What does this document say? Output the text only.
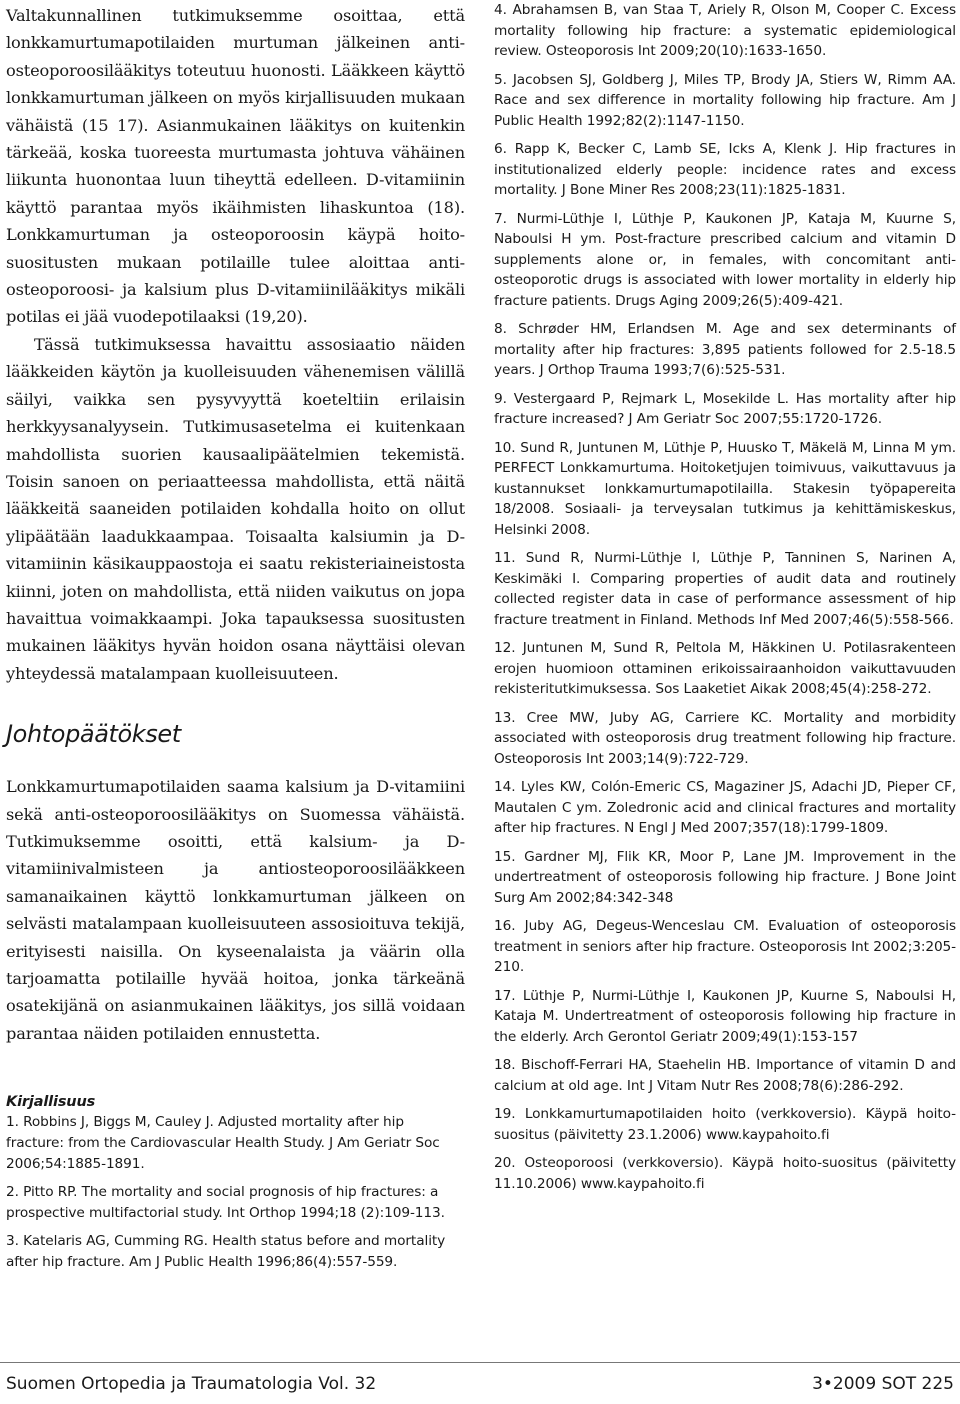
Valtakunnallinen tutkimuksemme osoittaa, että lonkkamurtumapotilaiden murtuman jälkeinen anti-osteoporoosilääkitys toteutuu huonosti. Lääkkeen käyttö lonkkamurtuman jälkeen on myös kirjallisuuden mukaan vähäistä (15 17). Asianmukainen lääkitys on kuitenkin tärkeää, koska tuoreesta murtumasta johtuva vähäinen liikunta huonontaa luun tiheyttä edelleen. D-vitamiinin käyttö parantaa myös ikäihmisten lihaskuntoa (18). Lonkkamurtuman ja osteoporoosin käypä hoito-suositusten mukaan potilaille tulee aloittaa anti-osteoporoosi- ja kalsium plus D-vitamiinilääkitys mikäli potilas ei jää vuodepotilaaksi (19,20).

Tässä tutkimuksessa havaittu assosiaatio näiden lääkkeiden käytön ja kuolleisuuden vähenemisen välillä säilyi, vaikka sen pysyvyyttä koeteltiin erilaisin herkkyysanalyysein. Tutkimusasetelma ei kuitenkaan mahdollista suorien kausaalipäätelmien tekemistä. Toisin sanoen on periaatteessa mahdollista, että näitä lääkkeitä saaneiden potilaiden kohdalla hoito on ollut ylipäätään laadukkaampaa. Toisaalta kalsiumin ja D-vitamiinin käsikauppaostoja ei saatu rekisteriaineistosta kiinni, joten on mahdollista, että niiden vaikutus on jopa havaittua voimakkaampi. Joka tapauksessa suositusten mukainen lääkitys hyvän hoidon osana näyttäisi olevan yhteydessä matalampaan kuolleisuuteen.

Johtopäätökset

Lonkkamurtumapotilaiden saama kalsium ja D-vitamiini sekä anti-osteoporoosilääkitys on Suomessa vähäistä. Tutkimuksemme osoitti, että kalsium- ja D-vitamiinivalmisteen ja antiosteoporoosilääkkeen samanaikainen käyttö lonkkamurtuman jälkeen on selvästi matalampaan kuolleisuuteen assosioituva tekijä, erityisesti naisilla. On kyseenalaista ja väärin olla tarjoamatta potilaille hyvää hoitoa, jonka tärkeänä osatekijänä on asianmukainen lääkitys, jos sillä voidaan parantaa näiden potilaiden ennustetta.

Kirjallisuus
1. Robbins J, Biggs M, Cauley J. Adjusted mortality after hip fracture: from the Cardiovascular Health Study. J Am Geriatr Soc 2006;54:1885-1891.
2. Pitto RP. The mortality and social prognosis of hip fractures: a prospective multifactorial study. Int Orthop 1994;18 (2):109-113.
3. Katelaris AG, Cumming RG. Health status before and mortality after hip fracture. Am J Public Health 1996;86(4):557-559.
4. Abrahamsen B, van Staa T, Ariely R, Olson M, Cooper C. Excess mortality following hip fracture: a systematic epidemiological review. Osteoporosis Int 2009;20(10):1633-1650.
5. Jacobsen SJ, Goldberg J, Miles TP, Brody JA, Stiers W, Rimm AA. Race and sex difference in mortality following hip fracture. Am J Public Health 1992;82(2):1147-1150.
6. Rapp K, Becker C, Lamb SE, Icks A, Klenk J. Hip fractures in institutionalized elderly people: incidence rates and excess mortality. J Bone Miner Res 2008;23(11):1825-1831.
7. Nurmi-Lüthje I, Lüthje P, Kaukonen JP, Kataja M, Kuurne S, Naboulsi H ym. Post-fracture prescribed calcium and vitamin D supplements alone or, in females, with concomitant anti-osteoporotic drugs is associated with lower mortality in elderly hip fracture patients. Drugs Aging 2009;26(5):409-421.
8. Schrøder HM, Erlandsen M. Age and sex determinants of mortality after hip fractures: 3,895 patients followed for 2.5-18.5 years. J Orthop Trauma 1993;7(6):525-531.
9. Vestergaard P, Rejmark L, Mosekilde L. Has mortality after hip fracture increased? J Am Geriatr Soc 2007;55:1720-1726.
10. Sund R, Juntunen M, Lüthje P, Huusko T, Mäkelä M, Linna M ym. PERFECT Lonkkamurtuma. Hoitoketjujen toimivuus, vaikuttavuus ja kustannukset lonkkamurtumapotilailla. Stakesin työpapereita 18/2008. Sosiaali- ja terveysalan tutkimus ja kehittämiskeskus, Helsinki 2008.
11. Sund R, Nurmi-Lüthje I, Lüthje P, Tanninen S, Narinen A, Keskimäki I. Comparing properties of audit data and routinely collected register data in case of performance assessment of hip fracture treatment in Finland. Methods Inf Med 2007;46(5):558-566.
12. Juntunen M, Sund R, Peltola M, Häkkinen U. Potilasrakenteen erojen huomioon ottaminen erikoissairaanhoidon vaikuttavuuden rekisteritutkimuksessa. Sos Laaketiet Aikak 2008;45(4):258-272.
13. Cree MW, Juby AG, Carriere KC. Mortality and morbidity associated with osteoporosis drug treatment following hip fracture. Osteoporosis Int 2003;14(9):722-729.
14. Lyles KW, Colón-Emeric CS, Magaziner JS, Adachi JD, Pieper CF, Mautalen C ym. Zoledronic acid and clinical fractures and mortality after hip fractures. N Engl J Med 2007;357(18):1799-1809.
15. Gardner MJ, Flik KR, Moor P, Lane JM. Improvement in the undertreatment of osteoporosis following hip fracture. J Bone Joint Surg Am 2002;84:342-348
16. Juby AG, Degeus-Wenceslau CM. Evaluation of osteoporosis treatment in seniors after hip fracture. Osteoporosis Int 2002;3:205-210.
17. Lüthje P, Nurmi-Lüthje I, Kaukonen JP, Kuurne S, Naboulsi H, Kataja M. Undertreatment of osteoporosis following hip fracture in the elderly. Arch Gerontol Geriatr 2009;49(1):153-157
18. Bischoff-Ferrari HA, Staehelin HB. Importance of vitamin D and calcium at old age. Int J Vitam Nutr Res 2008;78(6):286-292.
19. Lonkkamurtumapotilaiden hoito (verkkoversio). Käypä hoito-suositus (päivitetty 23.1.2006) www.kaypahoito.fi
20. Osteoporoosi (verkkoversio). Käypä hoito-suositus (päivitetty 11.10.2006) www.kaypahoito.fi
Suomen Ortopedia ja Traumatologia Vol. 32	3•2009 SOT 225
